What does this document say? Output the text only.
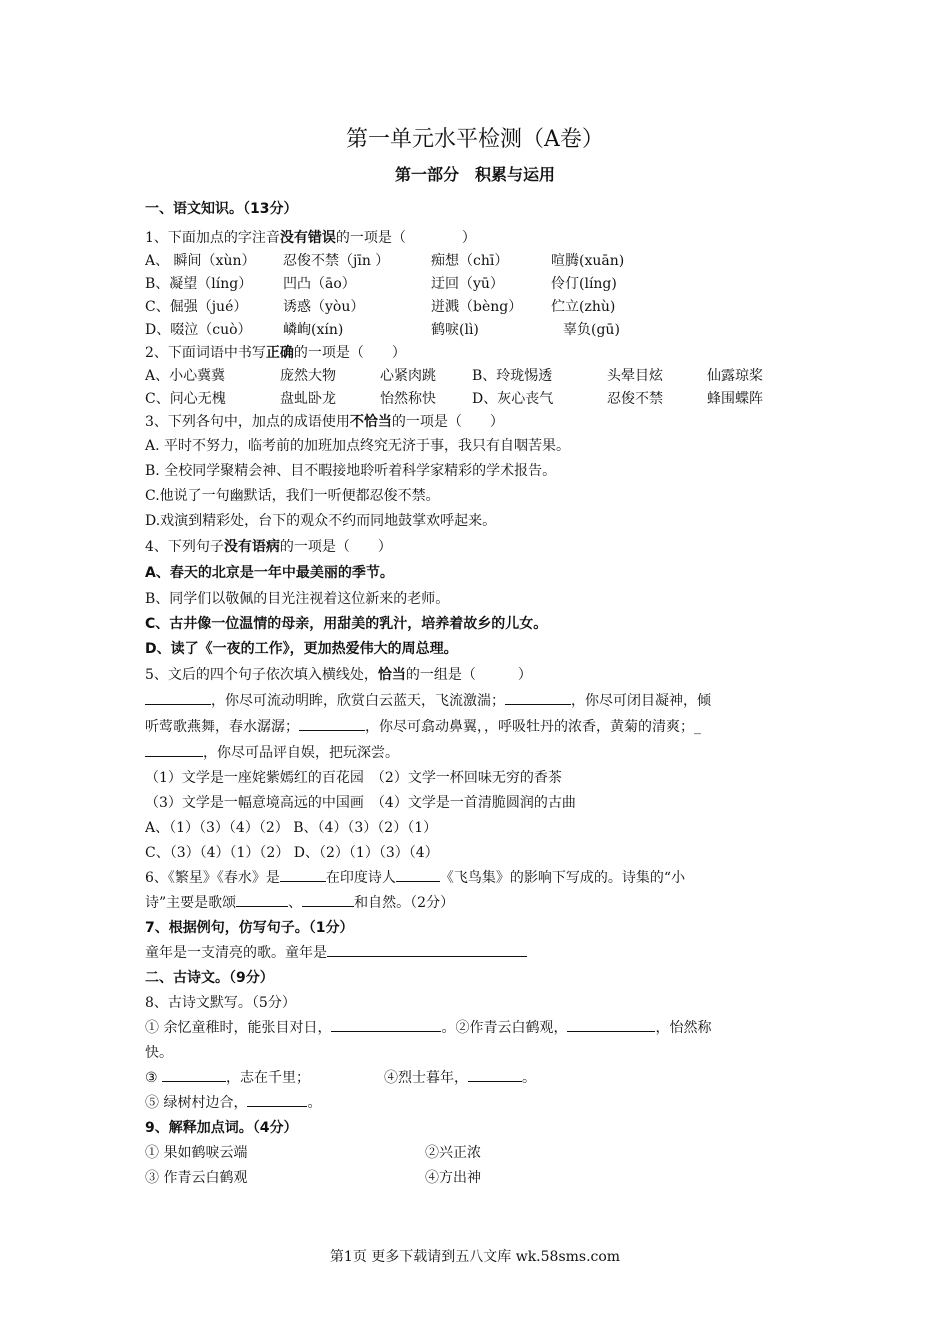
第一单元水平检测（A卷）
第一部分　积累与运用
一、语文知识。（13分）
1、下面加点的字注音没有错误的一项是（　　　　）
A、 瞬间（xùn）	忍俊不禁（jīn ）	痴想（chī）	喧腾(xuān)
B、凝望（líng）	凹凸（āo）	迂回（yū）	伶仃(líng)
C、倔强（jué）	诱惑（yòu）	迸溅（bèng）	伫立(zhù)
D、啜泣（cuò）	嶙峋(xín)	鹤唳(lì)	辜负(gū)
2、下面词语中书写正确的一项是（　　）
A、小心冀冀	庞然大物	心紧肉跳	B、玲珑惕透	头晕目炫	仙露琼桨
C、问心无槐	盘虬卧龙	怡然称快	D、灰心丧气	忍俊不禁	蜂围蝶阵
3、下列各句中，加点的成语使用不恰当的一项是（　　）
A. 平时不努力，临考前的加班加点终究无济于事，我只有自咽苦果。
B. 全校同学聚精会神、目不暇接地聆听着科学家精彩的学术报告。
C.他说了一句幽默话，我们一听便都忍俊不禁。
D.戏演到精彩处，台下的观众不约而同地鼓掌欢呼起来。
4、下列句子没有语病的一项是（　　）
A、春天的北京是一年中最美丽的季节。
B、同学们以敬佩的目光注视着这位新来的老师。
C、古井像一位温情的母亲，用甜美的乳汁，培养着故乡的儿女。
D、读了《一夜的工作》，更加热爱伟大的周总理。
5、文后的四个句子依次填入横线处，恰当的一组是（　　　）
，你尽可流动明眸，欣赏白云蓝天，飞流激湍；	，你尽可闭目凝神，倾
听莺歌燕舞，春水潺潺；	，你尽可翕动鼻翼，，呼吸牡丹的浓香，黄菊的清爽；_
，你尽可品评自娱，把玩深尝。
（1）文学是一座姹紫嫣红的百花园　（2）文学一杯回味无穷的香茶
（3）文学是一幅意境高远的中国画　（4）文学是一首清脆圆润的古曲
A、（1）（3）（4）（2） B、（4）（3）（2）（1）
C、（3）（4）（1）（2） D、（2）（1）（3）（4）
6、《繁星》《春水》是	在印度诗人	《飞鸟集》的影响下写成的。诗集的“小
诗”主要是歌颂	、	和自然。（2分）
7、根据例句，仿写句子。（1分）
童年是一支清亮的歌。童年是
二、古诗文。（9分）
8、古诗文默写。（5分）
① 余忆童稚时，能张目对日，	。②作青云白鹤观，	，怡然称
快。
③	，志在千里；	④烈士暮年，	。
⑤ 绿树村边合，	。
9、解释加点词。（4分）
① 果如鹤唳云端	②兴正浓
③ 作青云白鹤观	④方出神
第1页 更多下载请到五八文库 wk.58sms.com
